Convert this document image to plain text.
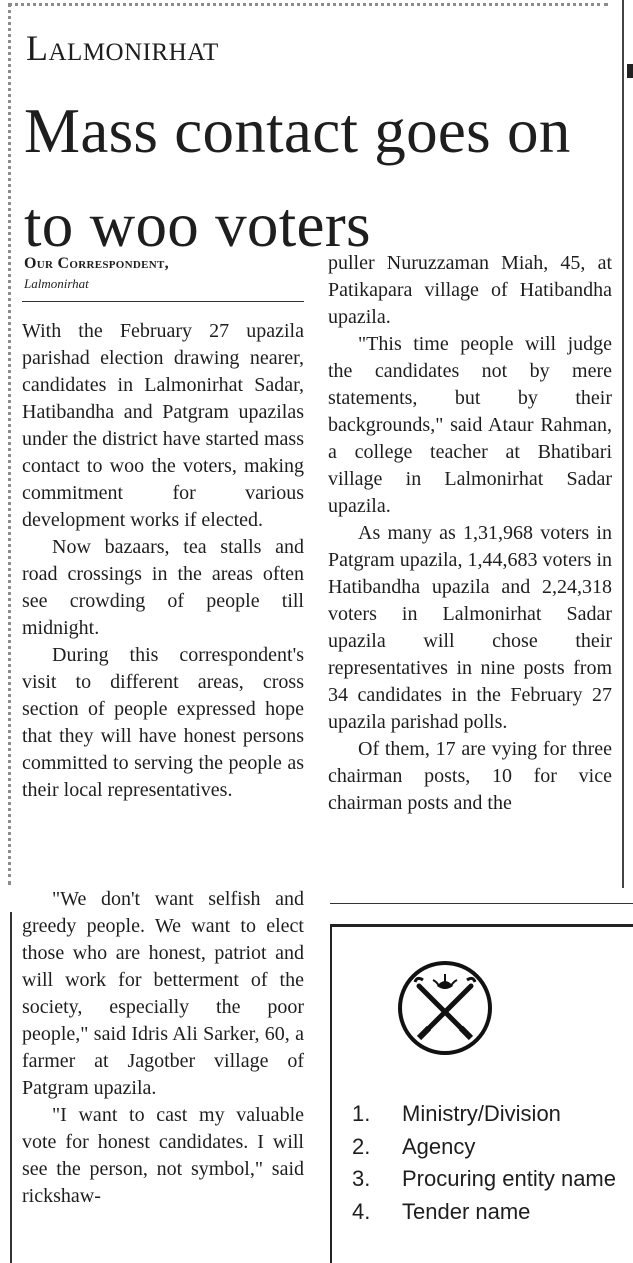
Lalmonirhat
Mass contact goes on to woo voters
Our Correspondent,
Lalmonirhat

With the February 27 upazila parishad election drawing nearer, candidates in Lalmonirhat Sadar, Hatibandha and Patgram upazilas under the district have started mass contact to woo the voters, making commitment for various development works if elected.

Now bazaars, tea stalls and road crossings in the areas often see crowding of people till midnight.

During this correspondent's visit to different areas, cross section of people expressed hope that they will have honest persons committed to serving the people as their local representatives.

"We don't want selfish and greedy people. We want to elect those who are honest, patriot and will work for betterment of the society, especially the poor people," said Idris Ali Sarker, 60, a farmer at Jagotber village of Patgram upazila.

"I want to cast my valuable vote for honest candidates. I will see the person, not symbol," said rickshaw-

puller Nuruzzaman Miah, 45, at Patikapara village of Hatibandha upazila.

"This time people will judge the candidates not by mere statements, but by their backgrounds," said Ataur Rahman, a college teacher at Bhatibari village in Lalmonirhat Sadar upazila.

As many as 1,31,968 voters in Patgram upazila, 1,44,683 voters in Hatibandha upazila and 2,24,318 voters in Lalmonirhat Sadar upazila will chose their representatives in nine posts from 34 candidates in the February 27 upazila parishad polls.

Of them, 17 are vying for three chairman posts, 10 for vice chairman posts and the

1.	Ministry/Division
2.	Agency
3.	Procuring entity name
4.	Tender name
